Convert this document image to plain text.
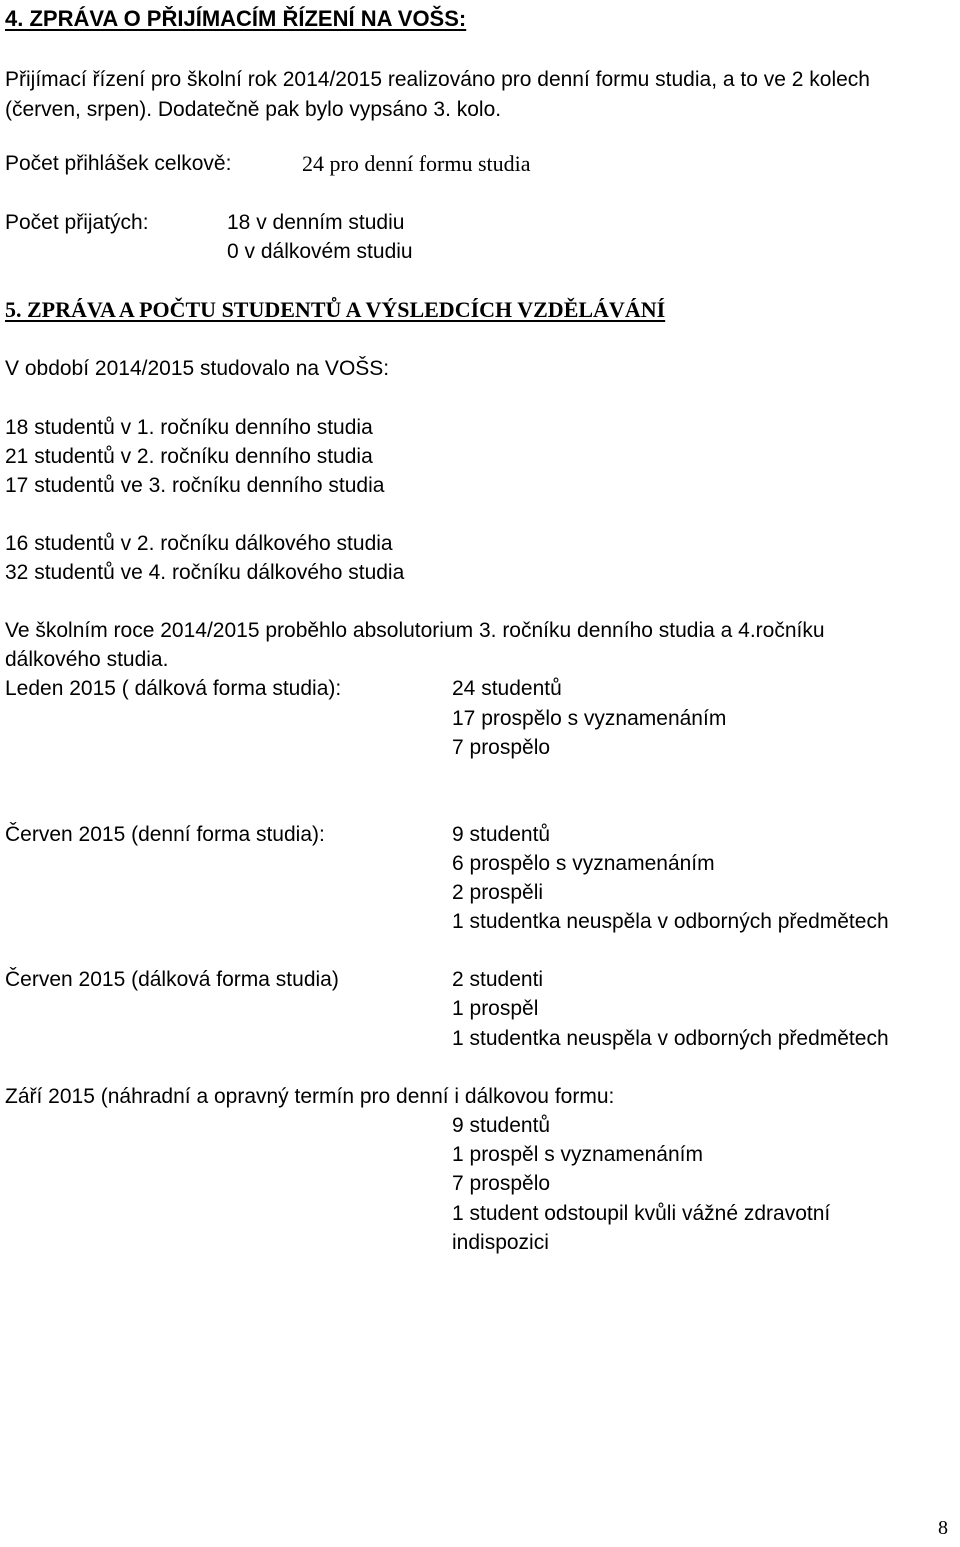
4. ZPRÁVA O PŘIJÍMACÍM ŘÍZENÍ NA VOŠS:
Přijímací řízení pro školní rok 2014/2015 realizováno pro denní formu studia, a to ve 2 kolech
(červen, srpen). Dodatečně pak bylo vypsáno 3. kolo.
Počet přihlášek celkově:	24 pro denní formu studia
Počet přijatých:	18 v denním studiu
0 v dálkovém studiu
5. ZPRÁVA A POČTU STUDENTŮ A VÝSLEDCÍCH VZDĚLÁVÁNÍ
V období 2014/2015 studovalo na VOŠS:
18 studentů v 1. ročníku denního studia
21 studentů v 2. ročníku denního studia
17 studentů ve 3. ročníku denního studia
16 studentů v 2. ročníku dálkového studia
32 studentů ve 4. ročníku dálkového studia
Ve školním roce 2014/2015 proběhlo absolutorium 3. ročníku denního studia a 4.ročníku
dálkového studia.
Leden 2015 ( dálková forma studia):	24 studentů
17 prospělo s vyznamenáním
7 prospělo
Červen 2015 (denní forma studia):	9 studentů
6 prospělo s vyznamenáním
2 prospěli
1 studentka neuspěla v odborných předmětech
Červen 2015 (dálková forma studia)	2 studenti
1 prospěl
1 studentka neuspěla v odborných předmětech
Září 2015 (náhradní a opravný termín pro denní i dálkovou formu:
9 studentů
1 prospěl s vyznamenáním
7 prospělo
1 student odstoupil kvůli vážné zdravotní
indispozici
8
